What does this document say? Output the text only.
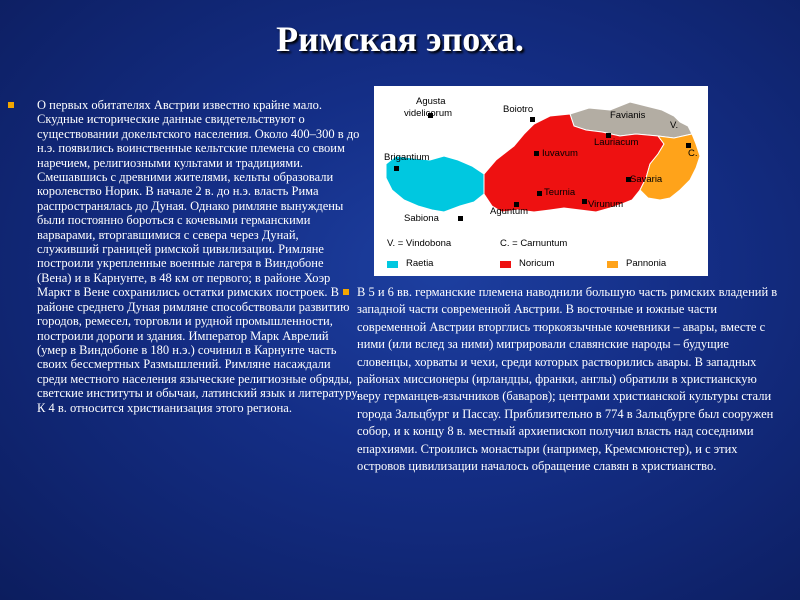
Римская эпоха.

О первых обитателях Австрии известно крайне мало. Скудные исторические данные свидетельствуют о существовании докельтского населения. Около 400–300 в до н.э. появились воинственные кельтские племена со своим наречием, религиозными культами и традициями. Смешавшись с древними жителями, кельты образовали королевство Норик. В начале 2 в. до н.э. власть Рима распространялась до Дуная. Однако римляне вынуждены были постоянно бороться с кочевыми германскими варварами, вторгавшимися с севера через Дунай, служивший границей римской цивилизации. Римляне построили укрепленные военные лагеря в Виндобоне (Вена) и в Карнунте, в 48 км от первого; в районе Хоэр Маркт в Вене сохранились остатки римских построек. В районе среднего Дуная римляне способствовали развитию городов, ремесел, торговли и рудной промышленности, построили дороги и здания. Император Марк Аврелий (умер в Виндобоне в 180 н.э.) сочинил в Карнунте часть своих бессмертных Размышлений. Римляне насаждали среди местного населения языческие религиозные обряды, светские институты и обычаи, латинский язык и литературу. К 4 в. относится христианизация этого региона.

Agusta
videlicorum	Boiotro
Favianis
Lauriacum
V.
C.
Brigantium	Iuvavum
Savaria
Teurnia
Virunum
Aguntum
Sabiona
V. = Vindobona	C. = Carnuntum
Raetia	Noricum	Pannonia

В 5 и 6 вв. германские племена наводнили большую часть римских владений в западной части современной Австрии. В восточные и южные части современной Австрии вторглись тюркоязычные кочевники – авары, вместе с ними (или вслед за ними) мигрировали славянские народы – будущие словенцы, хорваты и чехи, среди которых растворились авары. В западных районах миссионеры (ирландцы, франки, англы) обратили в христианскую веру германцев-язычников (баваров); центрами христианской культуры стали города Зальцбург и Пассау. Приблизительно в 774 в Зальцбурге был сооружен собор, и к концу 8 в. местный архиепископ получил власть над соседними епархиями. Строились монастыри (например, Кремсмюнстер), и с этих островов цивилизации началось обращение славян в христианство.
